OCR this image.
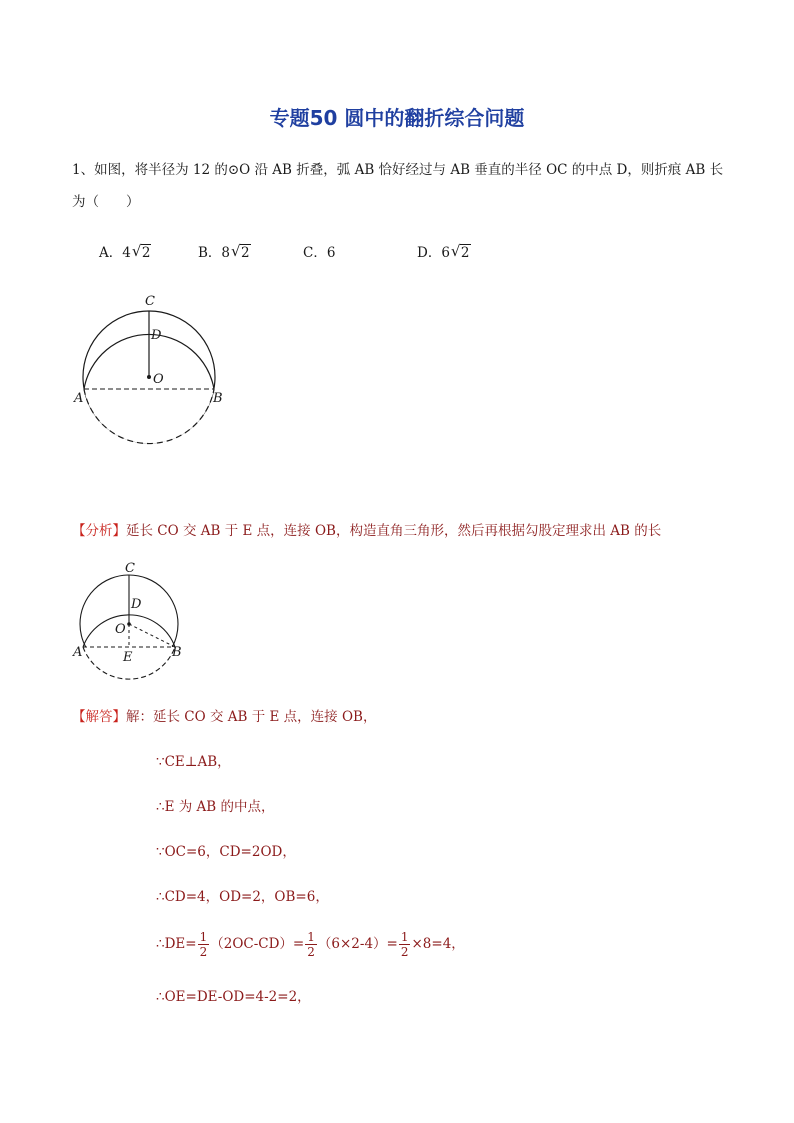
专题50 圆中的翻折综合问题
1、如图，将半径为 12 的⊙O 沿 AB 折叠，弧 AB 恰好经过与 AB 垂直的半径 OC 的中点 D，则折痕 AB 长
为（　　）
A．4 √ 2	B．8 √ 2	C．6	D．6 √ 2
C
D
O
A	B
【分析】延长 CO 交 AB 于 E 点，连接 OB，构造直角三角形，然后再根据勾股定理求出 AB 的长
C
D
O
A	B
E
【解答】解：延长 CO 交 AB 于 E 点，连接 OB，
∵CE⊥AB，
∴E 为 AB 的中点，
∵OC=6，CD=2OD，
∴CD=4，OD=2，OB=6，
∴DE= $\frac{1}{2} (2OC-CD)= \frac{1}{2} (6\times 2-4)= \frac{1}{2} \times 8=4$，
∴OE=DE-OD=4-2=2，
